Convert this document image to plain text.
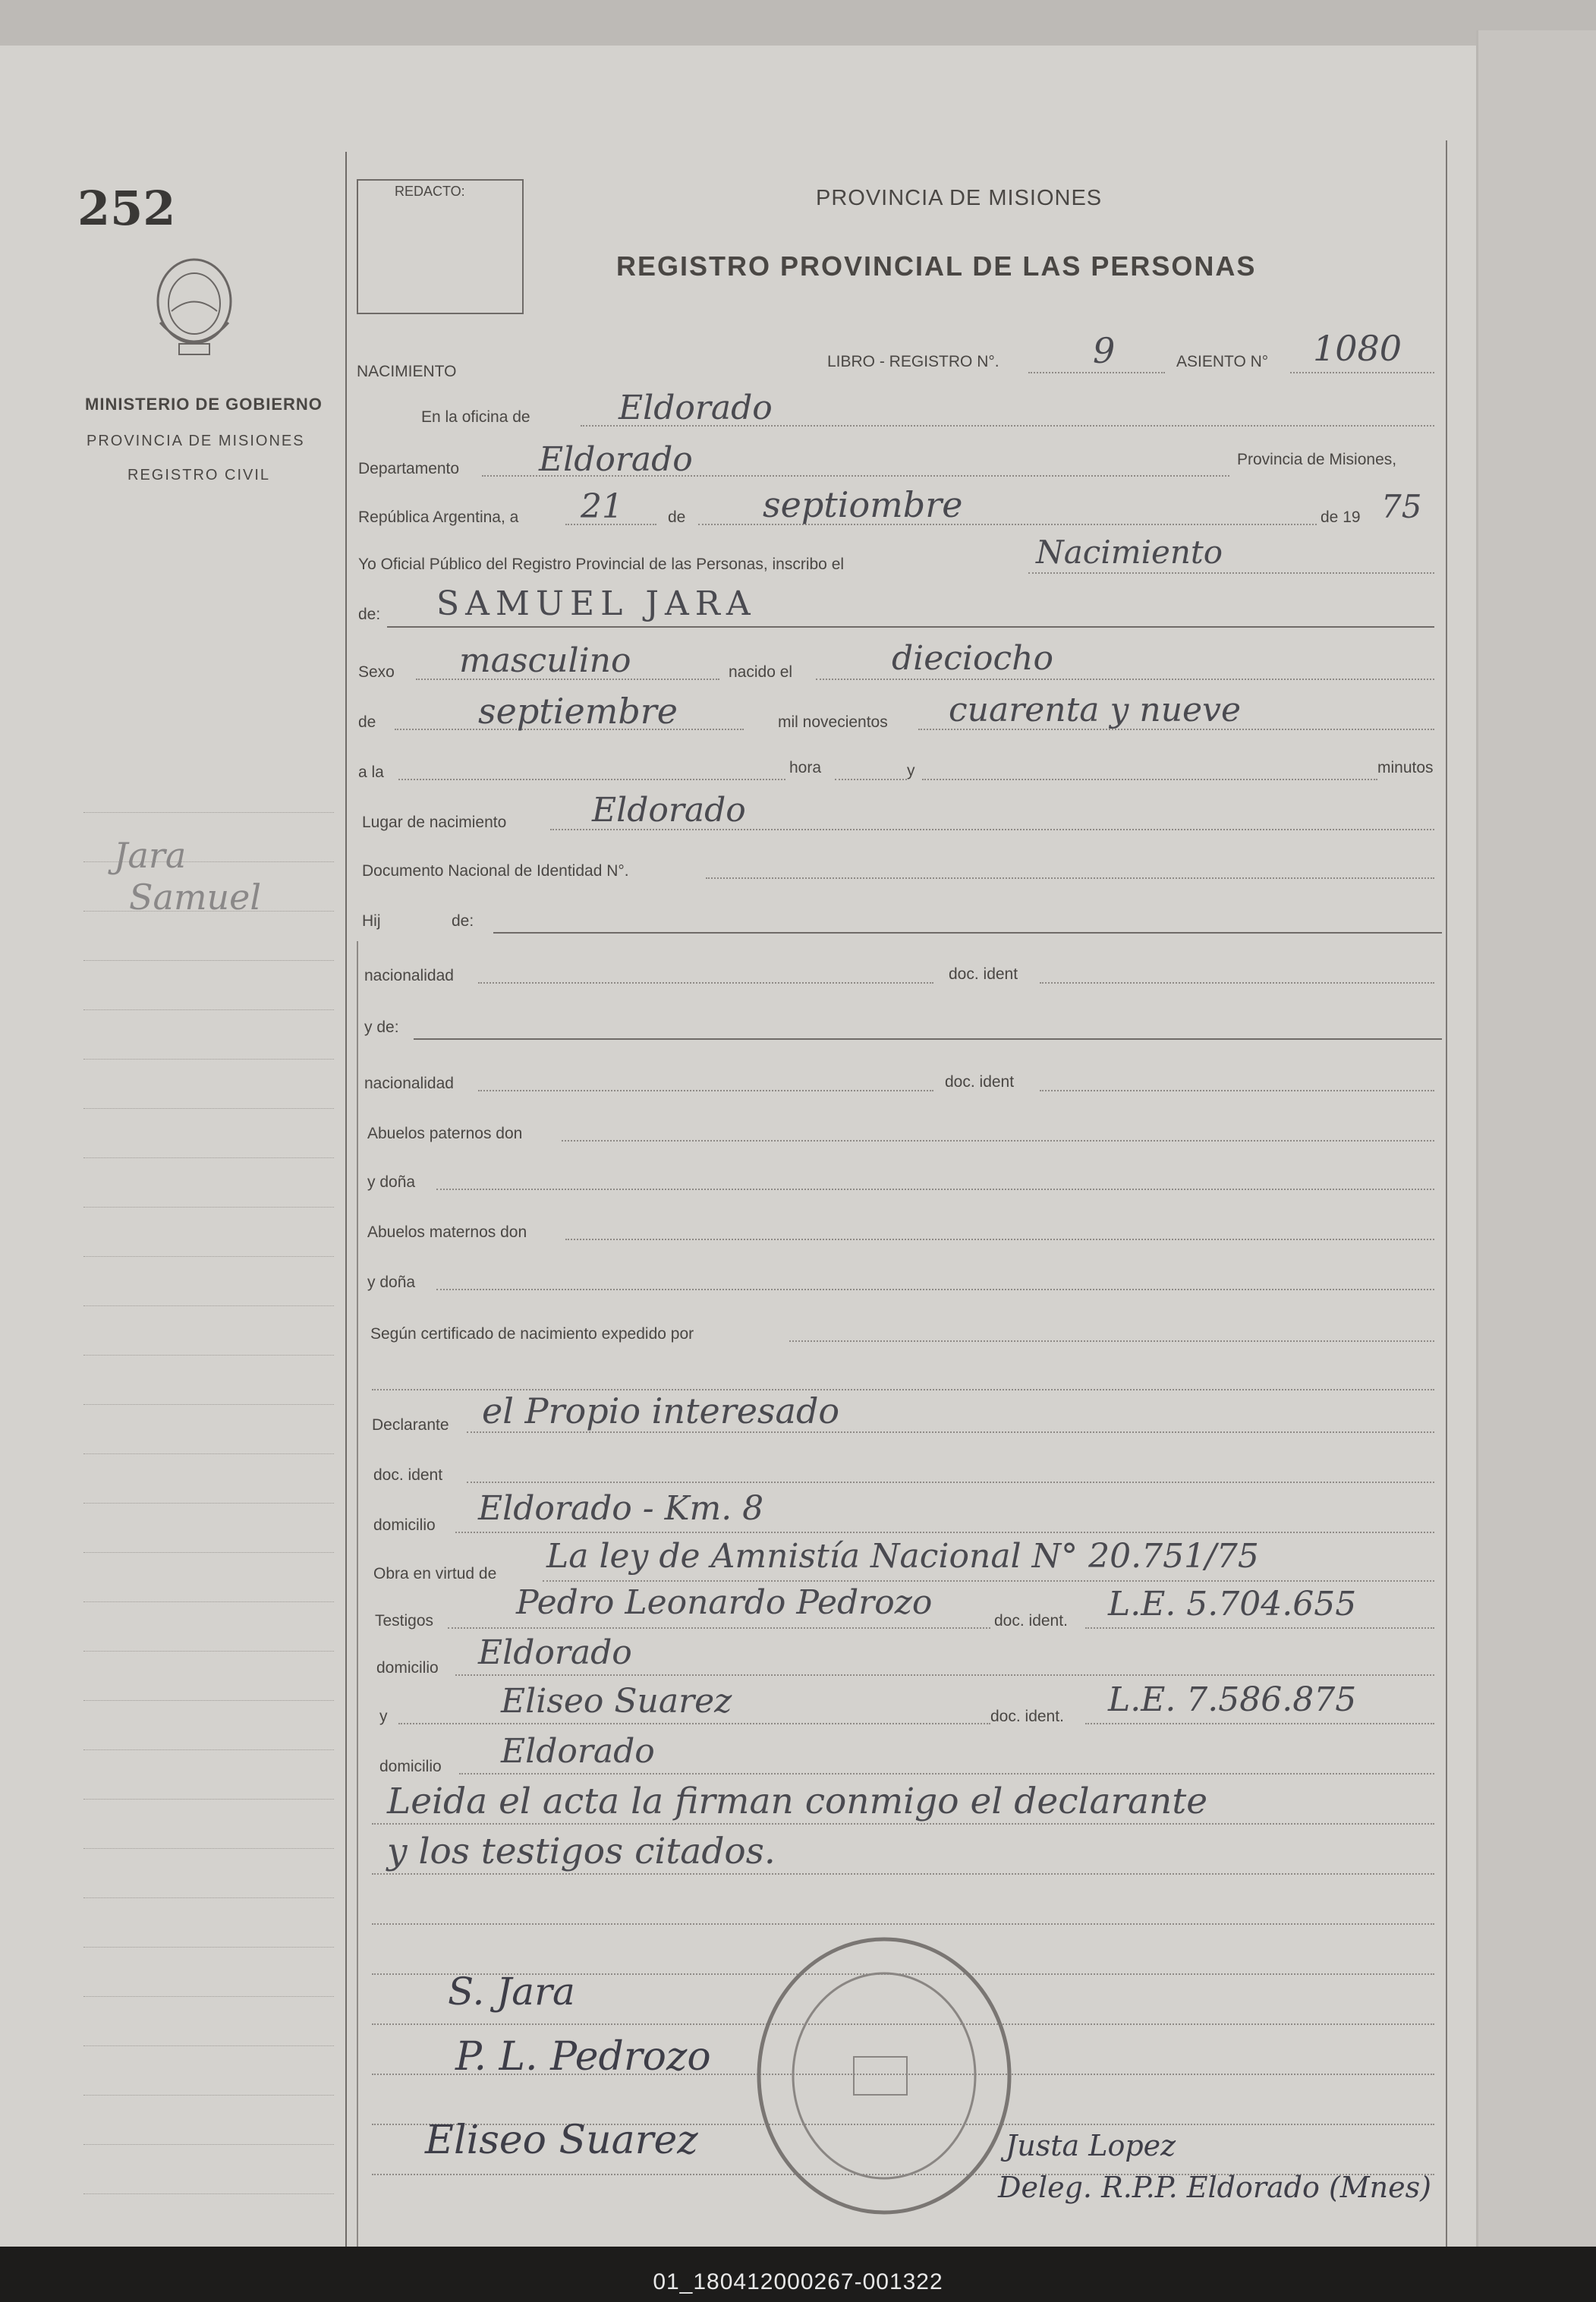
252
MINISTERIO DE GOBIERNO
PROVINCIA DE MISIONES
REGISTRO CIVIL
Jara
Samuel
REDACTO:	PROVINCIA DE MISIONES
REGISTRO PROVINCIAL DE LAS PERSONAS
NACIMIENTO
LIBRO - REGISTRO N°.	9	ASIENTO N° 1080
En la oficina de	Eldorado
Departamento Eldorado	Provincia de Misiones,
República Argentina, a 21	de septiombre	de 19 75
Yo Oficial Público del Registro Provincial de las Personas, inscribo el	Nacimiento
de: SAMUEL JARA
Sexo masculino	nacido el	dieciocho
de	septiembre	mil novecientos cuarenta y nueve
a la	hora	y	minutos
Lugar de nacimiento	Eldorado
Documento Nacional de Identidad N°.
Hij	de:
nacionalidad	doc. ident
y de:
nacionalidad	doc. ident
Abuelos paternos don
y doña
Abuelos maternos don
y doña
Según certificado de nacimiento expedido por
Declarante el Propio interesado
doc. ident
domicilio Eldorado - Km. 8
Obra en virtud de La ley de Amnistía Nacional N° 20.751/75
Testigos Pedro Leonardo Pedrozo	doc. ident. L.E. 5.704.655
domicilio Eldorado
y	Eliseo Suarez	doc. ident. L.E. 7.586.875
domicilio Eldorado
Leida el acta la firman conmigo el declarante
y los testigos citados.
S. Jara
P. L. Pedrozo
Eliseo Suarez	Justa Lopez
Deleg. R.P.P. Eldorado (Mnes)
01_180412000267-001322
